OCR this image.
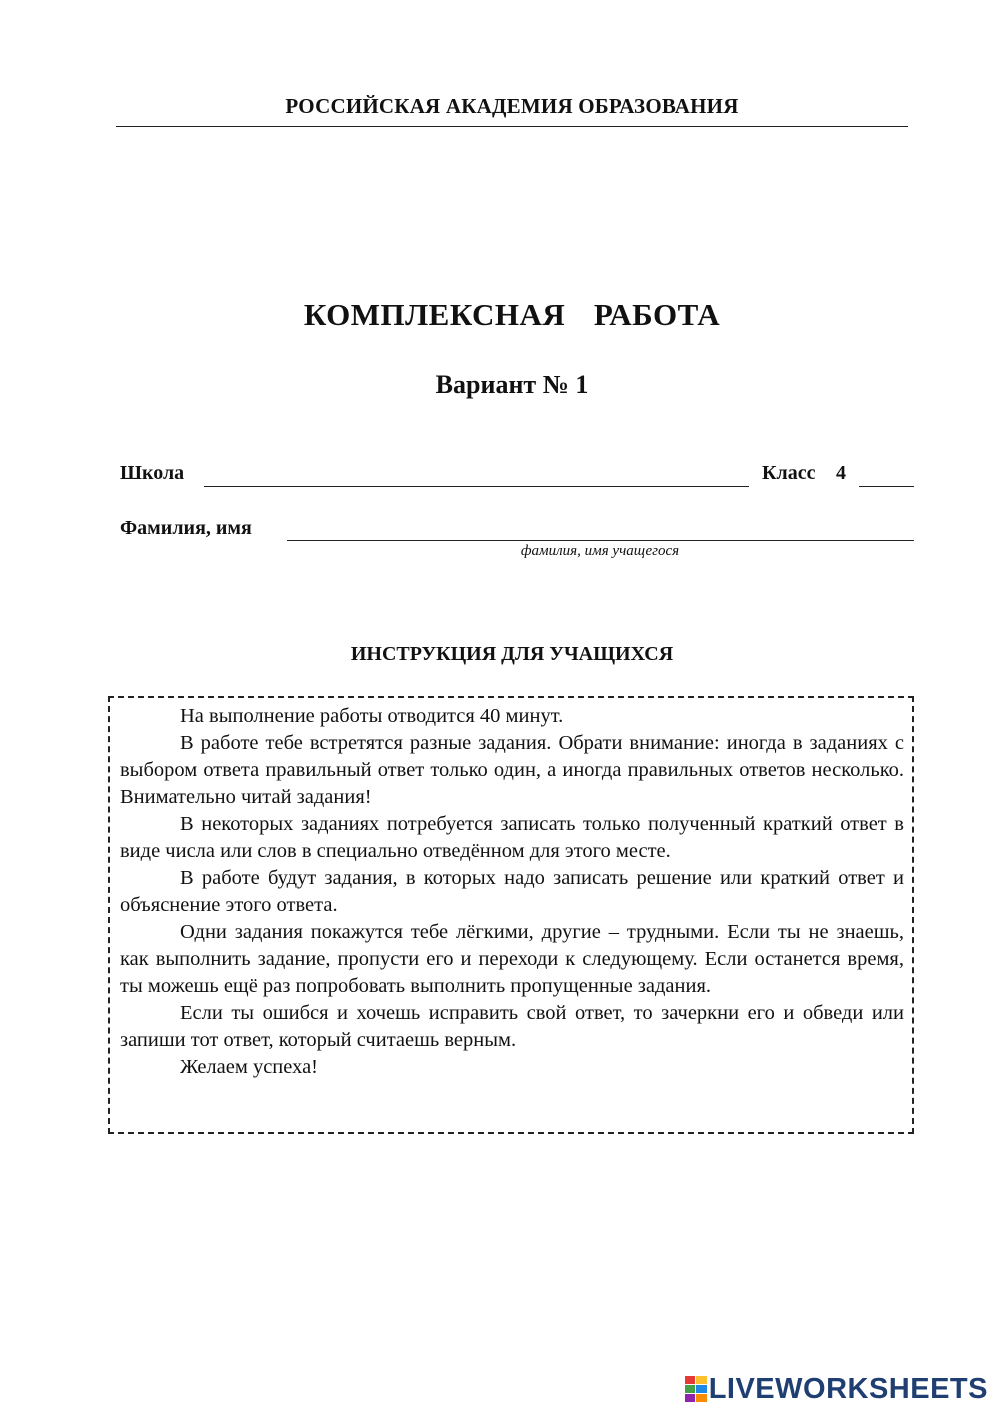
РОССИЙСКАЯ АКАДЕМИЯ ОБРАЗОВАНИЯ
КОМПЛЕКСНАЯ  РАБОТА
Вариант № 1
Школа	Класс 4
Фамилия, имя
фамилия, имя учащегося
ИНСТРУКЦИЯ ДЛЯ УЧАЩИХСЯ

На выполнение работы отводится 40 минут.

В работе тебе встретятся разные задания. Обрати внимание: иногда в заданиях с выбором ответа правильный ответ только один, а иногда правильных ответов несколько. Внимательно читай задания!

В некоторых заданиях потребуется записать только полученный краткий ответ в виде числа или слов в специально отведённом для этого месте.

В работе будут задания, в которых надо записать решение или краткий ответ и объяснение этого ответа.

Одни задания покажутся тебе лёгкими, другие – трудными. Если ты не знаешь, как выполнить задание, пропусти его и переходи к следующему. Если останется время, ты можешь ещё раз попробовать выполнить пропущенные задания.

Если ты ошибся и хочешь исправить свой ответ, то зачеркни его и обведи или запиши тот ответ, который считаешь верным.

Желаем успеха!

LIVEWORKSHEETS
